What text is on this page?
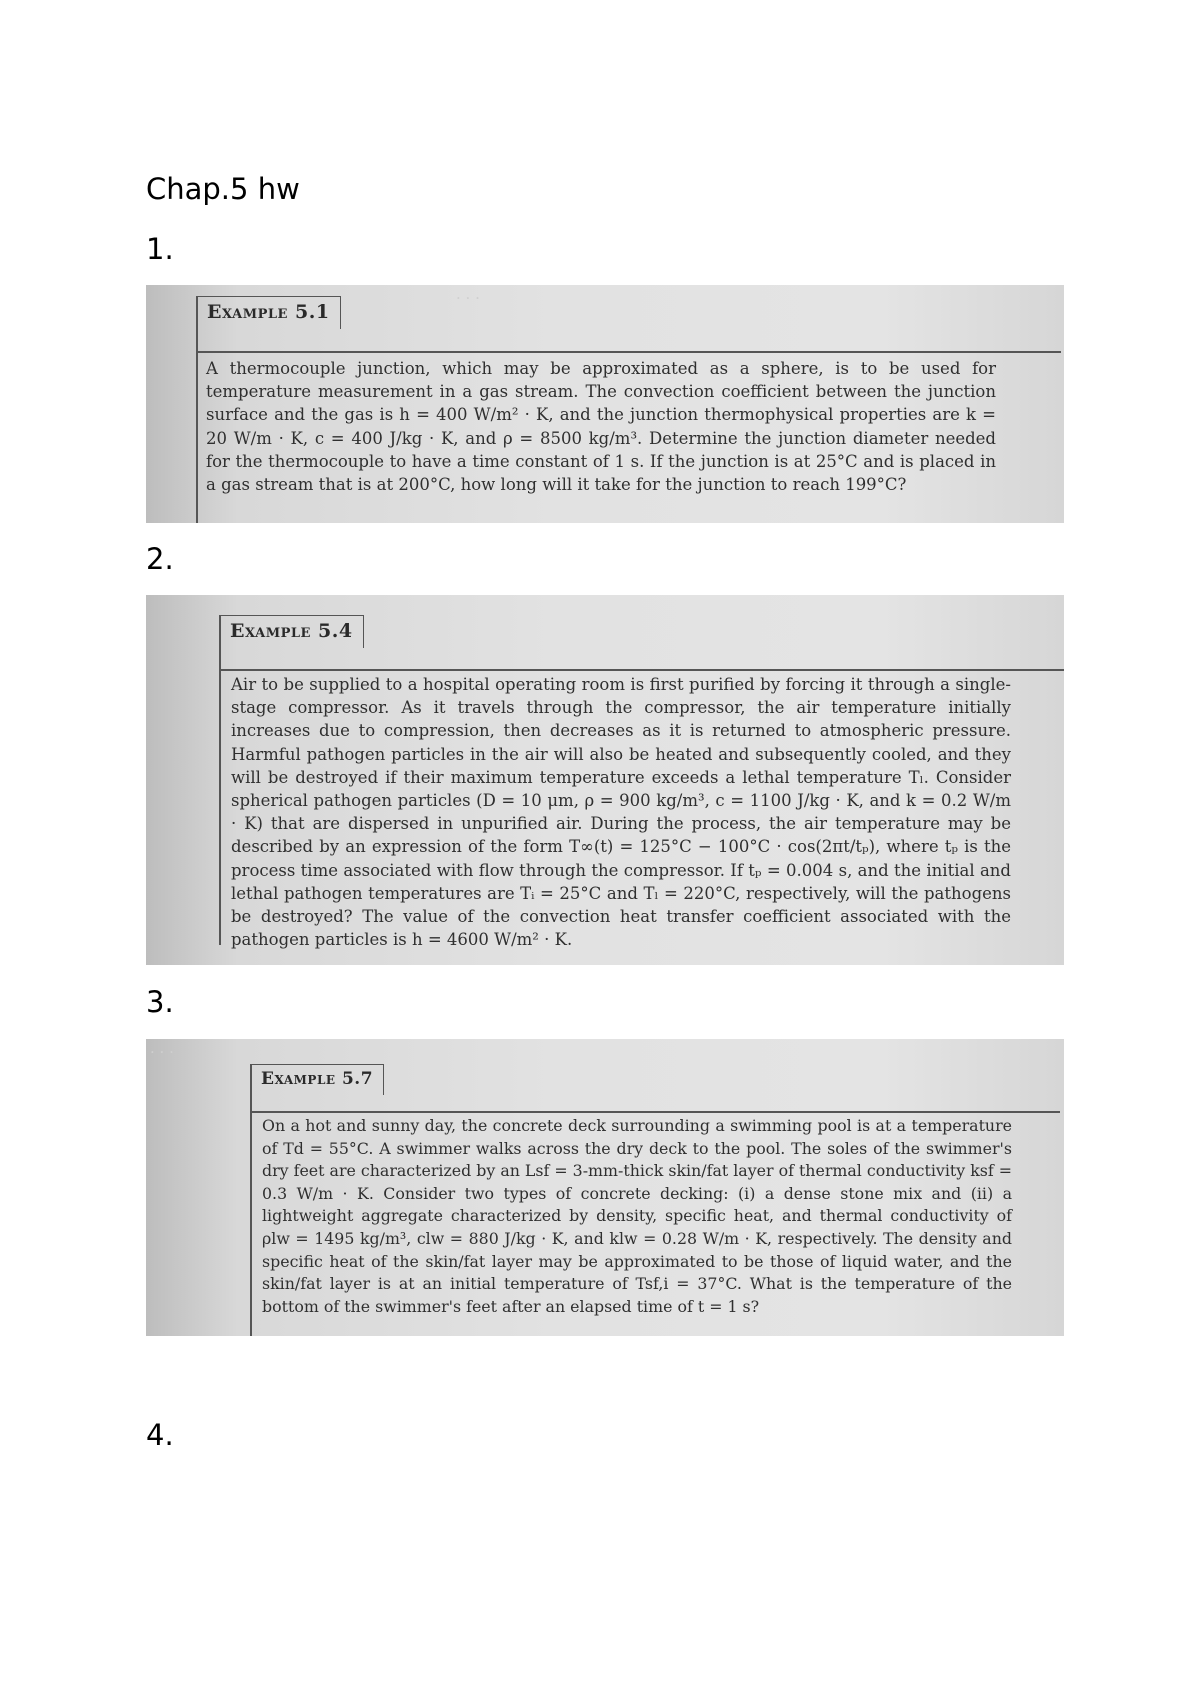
Chap.5 hw
1.
· · ·
Example 5.1

A thermocouple junction, which may be approximated as a sphere, is to be used for temperature measurement in a gas stream. The convection coefficient between the junction surface and the gas is h = 400 W/m² · K, and the junction thermophysical properties are k = 20 W/m · K, c = 400 J/kg · K, and ρ = 8500 kg/m³. Determine the junction diameter needed for the thermocouple to have a time constant of 1 s. If the junction is at 25°C and is placed in a gas stream that is at 200°C, how long will it take for the junction to reach 199°C?

2.
Example 5.4

Air to be supplied to a hospital operating room is first purified by forcing it through a single-stage compressor. As it travels through the compressor, the air temperature initially increases due to compression, then decreases as it is returned to atmospheric pressure. Harmful pathogen particles in the air will also be heated and subsequently cooled, and they will be destroyed if their maximum temperature exceeds a lethal temperature Tₗ. Consider spherical pathogen particles (D = 10 μm, ρ = 900 kg/m³, c = 1100 J/kg · K, and k = 0.2 W/m · K) that are dispersed in unpurified air. During the process, the air temperature may be described by an expression of the form T∞(t) = 125°C − 100°C · cos(2πt/tₚ), where tₚ is the process time associated with flow through the compressor. If tₚ = 0.004 s, and the initial and lethal pathogen temperatures are Tᵢ = 25°C and Tₗ = 220°C, respectively, will the pathogens be destroyed? The value of the convection heat transfer coefficient associated with the pathogen particles is h = 4600 W/m² · K.

3.
· · ·
Example 5.7

On a hot and sunny day, the concrete deck surrounding a swimming pool is at a temperature of Td = 55°C. A swimmer walks across the dry deck to the pool. The soles of the swimmer's dry feet are characterized by an Lsf = 3-mm-thick skin/fat layer of thermal conductivity ksf = 0.3 W/m · K. Consider two types of concrete decking: (i) a dense stone mix and (ii) a lightweight aggregate characterized by density, specific heat, and thermal conductivity of ρlw = 1495 kg/m³, clw = 880 J/kg · K, and klw = 0.28 W/m · K, respectively. The density and specific heat of the skin/fat layer may be approximated to be those of liquid water, and the skin/fat layer is at an initial temperature of Tsf,i = 37°C. What is the temperature of the bottom of the swimmer's feet after an elapsed time of t = 1 s?

4.
